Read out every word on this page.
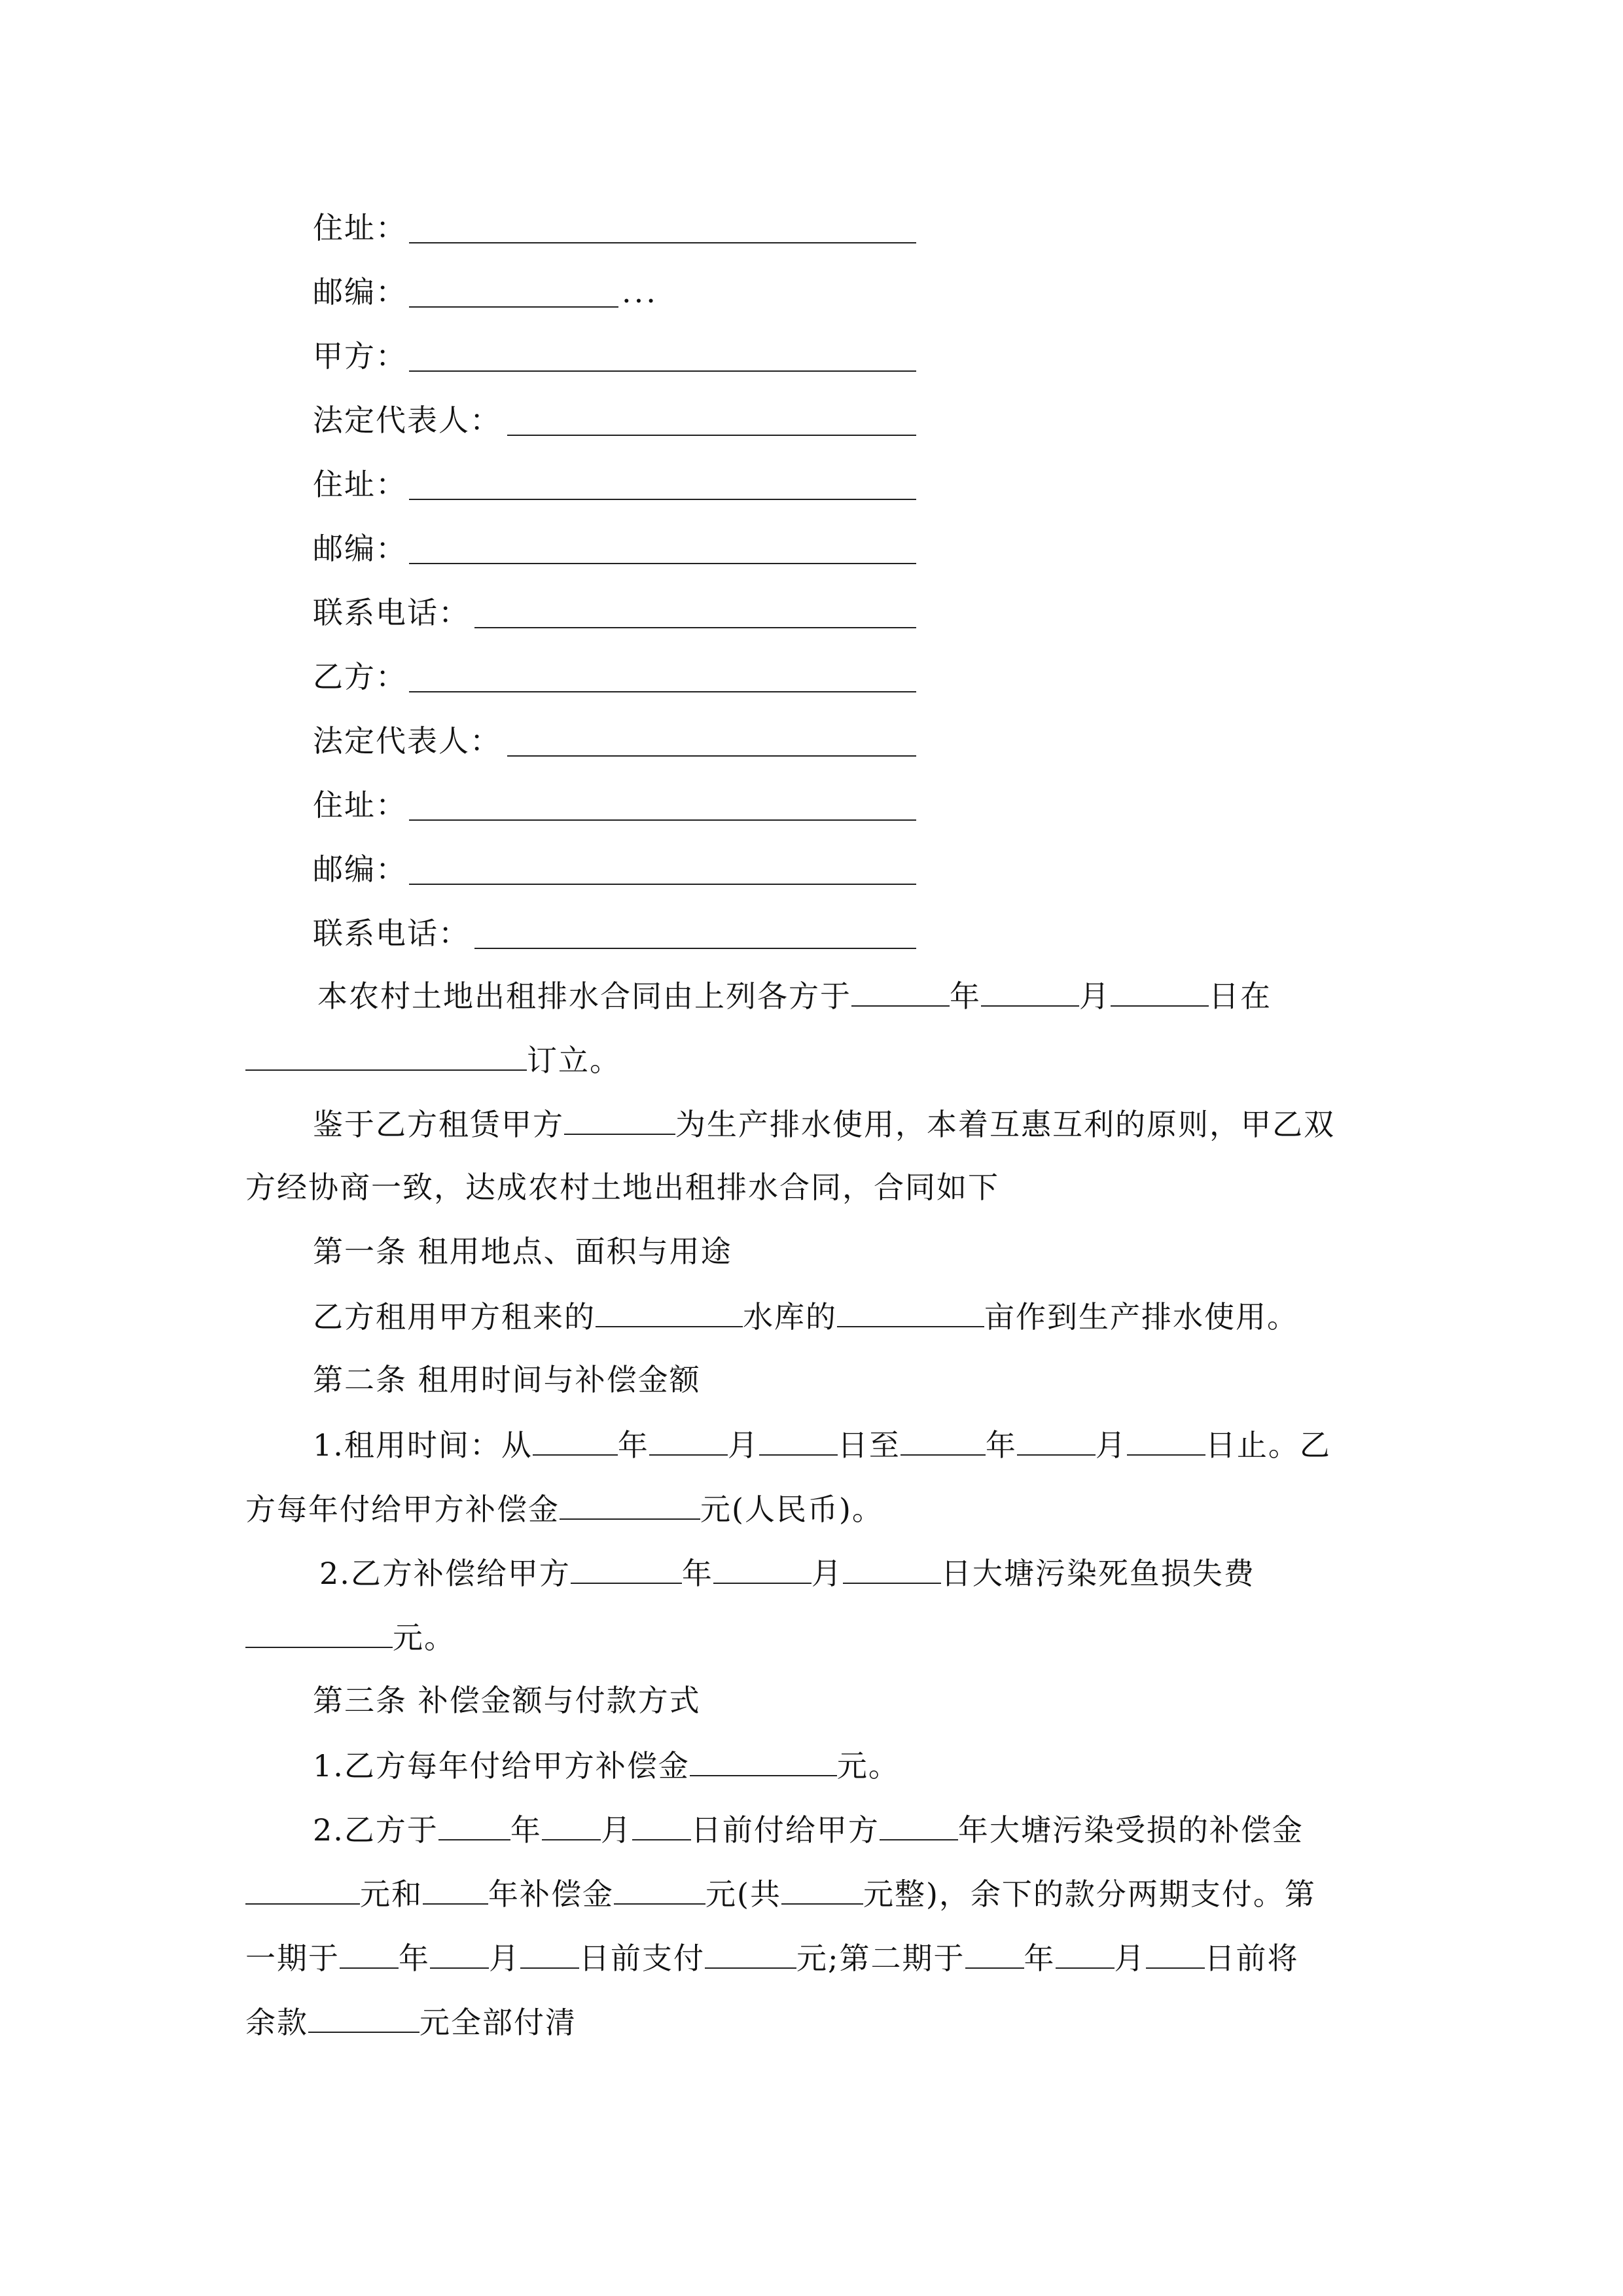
住址：
邮编：	...
甲方：
法定代表人：
住址：
邮编：
联系电话：
乙方：
法定代表人：
住址：
邮编：
联系电话：
本农村土地出租排水合同由上列各方于	年	月	日在
订立。
鉴于乙方租赁甲方	为生产排水使用，本着互惠互利的原则，甲乙双
方经协商一致，达成农村土地出租排水合同，合同如下
第一条 租用地点、面积与用途
乙方租用甲方租来的	水库的	亩作到生产排水使用。
第二条 租用时间与补偿金额
1.租用时间：从	年	月	日至	年	月	日止。乙
方每年付给甲方补偿金	元(人民币)。
2.乙方补偿给甲方	年	月	日大塘污染死鱼损失费
元。
第三条 补偿金额与付款方式
1.乙方每年付给甲方补偿金	元。
2.乙方于 年 月 日前付给甲方	年大塘污染受损的补偿金
元和 年补偿金	元(共	元整)，余下的款分两期支付。第
一期于 年 月 日前支付	元;第二期于 年 月 日前将
余款	元全部付清
